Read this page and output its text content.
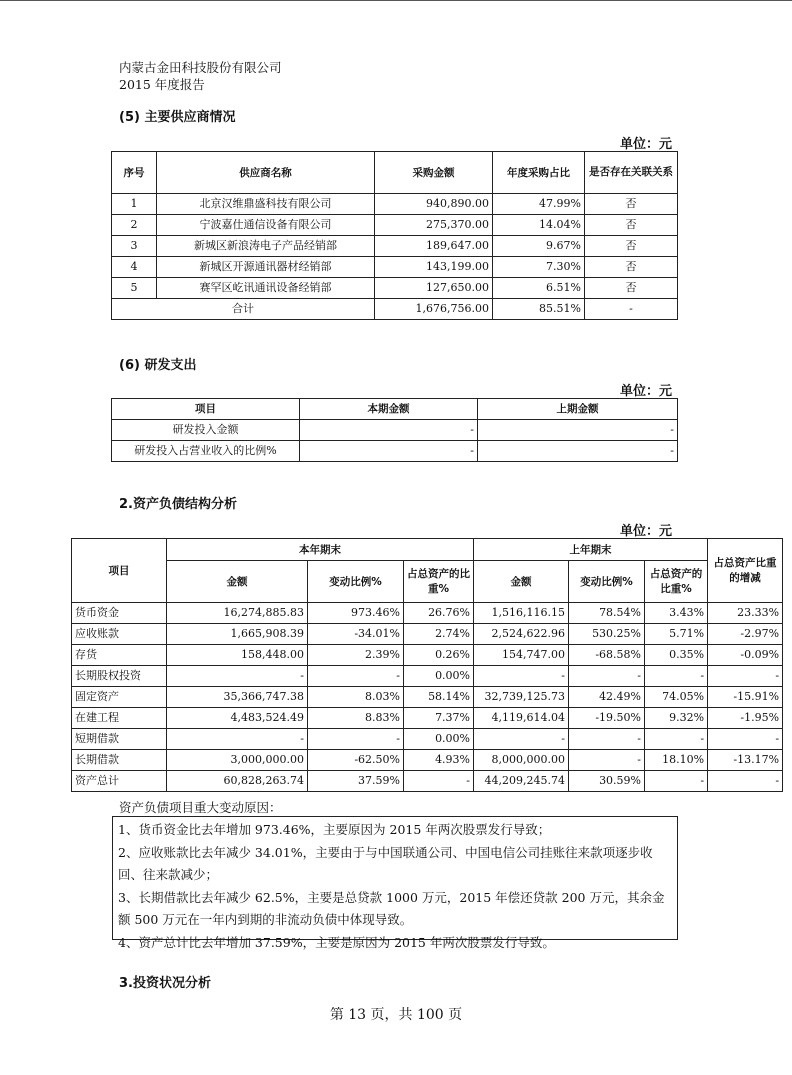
内蒙古金田科技股份有限公司
2015 年度报告
(5) 主要供应商情况
单位：元
序号	供应商名称	采购金额	年度采购占比	是否存在关联关系
1	北京汉维鼎盛科技有限公司	940,890.00	47.99%	否
2	宁波嘉仕通信设备有限公司	275,370.00	14.04%	否
3	新城区新浪涛电子产品经销部	189,647.00	9.67%	否
4	新城区开源通讯器材经销部	143,199.00	7.30%	否
5	赛罕区屹讯通讯设备经销部	127,650.00	6.51%	否
合计		1,676,756.00	85.51%	-
(6) 研发支出
单位：元
项目	本期金额	上期金额
研发投入金额	-	-
研发投入占营业收入的比例%	-	-
2.资产负债结构分析
单位：元
项目	本年期末			上年期末			占总资产比重的增减
	金额	变动比例%	占总资产的比重%	金额	变动比例%	占总资产的比重%	
货币资金	16,274,885.83	973.46%	26.76%	1,516,116.15	78.54%	3.43%	23.33%
应收账款	1,665,908.39	-34.01%	2.74%	2,524,622.96	530.25%	5.71%	-2.97%
存货	158,448.00	2.39%	0.26%	154,747.00	-68.58%	0.35%	-0.09%
长期股权投资	-	-	0.00%	-	-	-	-
固定资产	35,366,747.38	8.03%	58.14%	32,739,125.73	42.49%	74.05%	-15.91%
在建工程	4,483,524.49	8.83%	7.37%	4,119,614.04	-19.50%	9.32%	-1.95%
短期借款	-	-	0.00%	-	-	-	-
长期借款	3,000,000.00	-62.50%	4.93%	8,000,000.00	-	18.10%	-13.17%
资产总计	60,828,263.74	37.59%	-	44,209,245.74	30.59%	-	-
资产负债项目重大变动原因：

1、货币资金比去年增加 973.46%，主要原因为 2015 年两次股票发行导致；

2、应收账款比去年减少 34.01%，主要由于与中国联通公司、中国电信公司挂账往来款项逐步收回、往来款减少；

3、长期借款比去年减少 62.5%，主要是总贷款 1000 万元，2015 年偿还贷款 200 万元，其余金额 500 万元在一年内到期的非流动负债中体现导致。

4、资产总计比去年增加 37.59%，主要是原因为 2015 年两次股票发行导致。

3.投资状况分析
第 13 页，共 100 页
